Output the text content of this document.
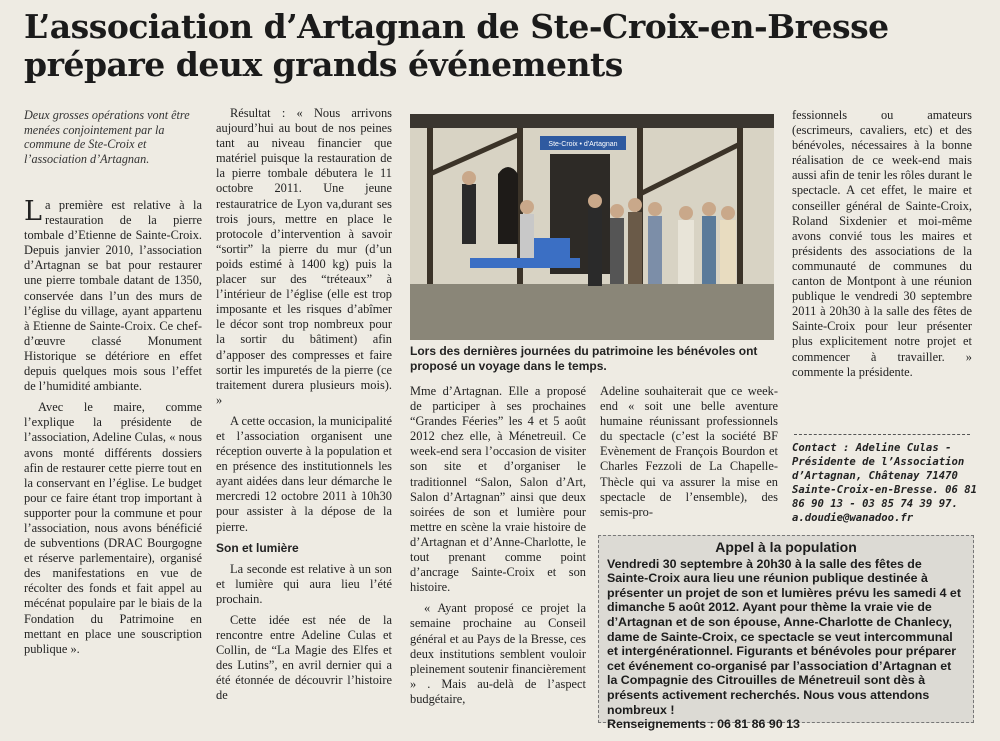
L’association d’Artagnan de Ste-Croix-en-Bresse
prépare deux grands événements
Deux grosses opérations vont être menées conjointement par la commune de Ste-Croix et l’association d’Artagnan.

La première est relative à la restauration de la pierre tombale d’Etienne de Sainte-Croix. Depuis janvier 2010, l’association d’Artagnan se bat pour restaurer une pierre tombale datant de 1350, conservée dans l’un des murs de l’église du village, ayant appartenu à Etienne de Sainte-Croix. Ce chef-d’œuvre classé Monument Historique se détériore en effet depuis quelques mois sous l’effet de l’humidité ambiante.

Avec le maire, comme l’explique la présidente de l’association, Adeline Culas, « nous avons monté différents dossiers afin de restaurer cette pierre tout en la conservant en l’église. Le budget pour ce faire étant trop important à supporter pour la commune et pour l’association, nous avons bénéficié de subventions (DRAC Bourgogne et réserve parlementaire), organisé des manifestations en vue de récolter des fonds et fait appel au mécénat populaire par le biais de la Fondation du Patrimoine en mettant en place une souscription publique ».

Résultat : « Nous arrivons aujourd’hui au bout de nos peines tant au niveau financier que matériel puisque la restauration de la pierre tombale débutera le 11 octobre 2011. Une jeune restauratrice de Lyon va,durant ses trois jours, mettre en place le protocole d’intervention à savoir “sortir” la pierre du mur (d’un poids estimé à 1400 kg) puis la placer sur des “tréteaux” à l’intérieur de l’église (elle est trop imposante et les risques d’abîmer le décor sont trop nombreux pour la sortir du bâtiment) afin d’apposer des compresses et faire sortir les impuretés de la pierre (ce traitement durera plusieurs mois). »

A cette occasion, la municipalité et l’association organisent une réception ouverte à la population et en présence des institutionnels les ayant aidées dans leur démarche le mercredi 12 octobre 2011 à 10h30 pour assister à la dépose de la pierre.

Son et lumière

La seconde est relative à un son et lumière qui aura lieu l’été prochain.

Cette idée est née de la rencontre entre Adeline Culas et Collin, de “La Magie des Elfes et des Lutins”, en avril dernier qui a été étonnée de découvrir l’histoire de

Ste-Croix • d'Artagnan
Lors des dernières journées du patrimoine les bénévoles ont proposé un voyage dans le temps.

Mme d’Artagnan. Elle a proposé de participer à ses prochaines “Grandes Féeries” les 4 et 5 août 2012 chez elle, à Ménetreuil. Ce week-end sera l’occasion de visiter son site et d’organiser le traditionnel “Salon, Salon d’Art, Salon d’Artagnan” ainsi que deux soirées de son et lumière pour mettre en scène la vraie histoire de d’Artagnan et d’Anne-Charlotte, le tout prenant comme point d’ancrage Sainte-Croix et son histoire.

« Ayant proposé ce projet la semaine prochaine au Conseil général et au Pays de la Bresse, ces deux institutions semblent vouloir pleinement soutenir financièrement » . Mais au-delà de l’aspect budgétaire,

Adeline souhaiterait que ce week-end « soit une belle aventure humaine réunissant professionnels du spectacle (c’est la société BF Evènement de François Bourdon et Charles Fezzoli de La Chapelle-Thècle qui va assurer la mise en spectacle de l’ensemble), des semis-pro-

fessionnels ou amateurs (escrimeurs, cavaliers, etc) et des bénévoles, nécessaires à la bonne réalisation de ce week-end mais aussi afin de tenir les rôles durant le spectacle. A cet effet, le maire et conseiller général de Sainte-Croix, Roland Sixdenier et moi-même avons convié tous les maires et présidents des associations de la communauté de communes du canton de Montpont à une réunion publique le vendredi 30 septembre 2011 à 20h30 à la salle des fêtes de Sainte-Croix pour leur présenter plus explicitement notre projet et commencer à travailler. » commente la présidente.

Contact : Adeline Culas -
Présidente de l’Association
d’Artagnan, Châtenay 71470
Sainte-Croix-en-Bresse. 06 81
86 90 13 - 03 85 74 39 97.
a.doudie@wanadoo.fr
Appel à la population
Vendredi 30 septembre à 20h30 à la salle des fêtes de Sainte-Croix aura lieu une réunion publique destinée à présenter un projet de son et lumières prévu les samedi 4 et dimanche 5 août 2012. Ayant pour thème la vraie vie de d’Artagnan et de son épouse, Anne-Charlotte de Chanlecy, dame de Sainte-Croix, ce spectacle se veut intercommunal et intergénérationnel. Figurants et bénévoles pour préparer cet événement co-organisé par l’association d’Artagnan et la Compagnie des Citrouilles de Ménetreuil sont dès à présents activement recherchés. Nous vous attendons nombreux !
Renseignements : 06 81 86 90 13
